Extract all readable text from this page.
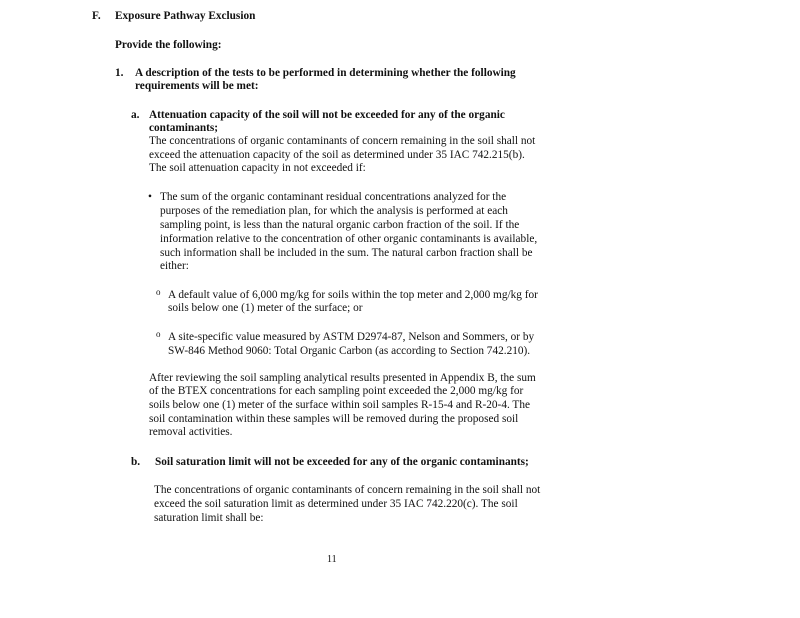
F. Exposure Pathway Exclusion
Provide the following:
1. A description of the tests to be performed in determining whether the following
requirements will be met:
a. Attenuation capacity of the soil will not be exceeded for any of the organic
contaminants;
The concentrations of organic contaminants of concern remaining in the soil shall not
exceed the attenuation capacity of the soil as determined under 35 IAC 742.215(b).
The soil attenuation capacity in not exceeded if:
• The sum of the organic contaminant residual concentrations analyzed for the
purposes of the remediation plan, for which the analysis is performed at each
sampling point, is less than the natural organic carbon fraction of the soil. If the
information relative to the concentration of other organic contaminants is available,
such information shall be included in the sum. The natural carbon fraction shall be
either:
o A default value of 6,000 mg/kg for soils within the top meter and 2,000 mg/kg for
soils below one (1) meter of the surface; or
o A site-specific value measured by ASTM D2974-87, Nelson and Sommers, or by
SW-846 Method 9060: Total Organic Carbon (as according to Section 742.210).
After reviewing the soil sampling analytical results presented in Appendix B, the sum
of the BTEX concentrations for each sampling point exceeded the 2,000 mg/kg for
soils below one (1) meter of the surface within soil samples R-15-4 and R-20-4. The
soil contamination within these samples will be removed during the proposed soil
removal activities.
b. Soil saturation limit will not be exceeded for any of the organic contaminants;
The concentrations of organic contaminants of concern remaining in the soil shall not
exceed the soil saturation limit as determined under 35 IAC 742.220(c). The soil
saturation limit shall be:
11
